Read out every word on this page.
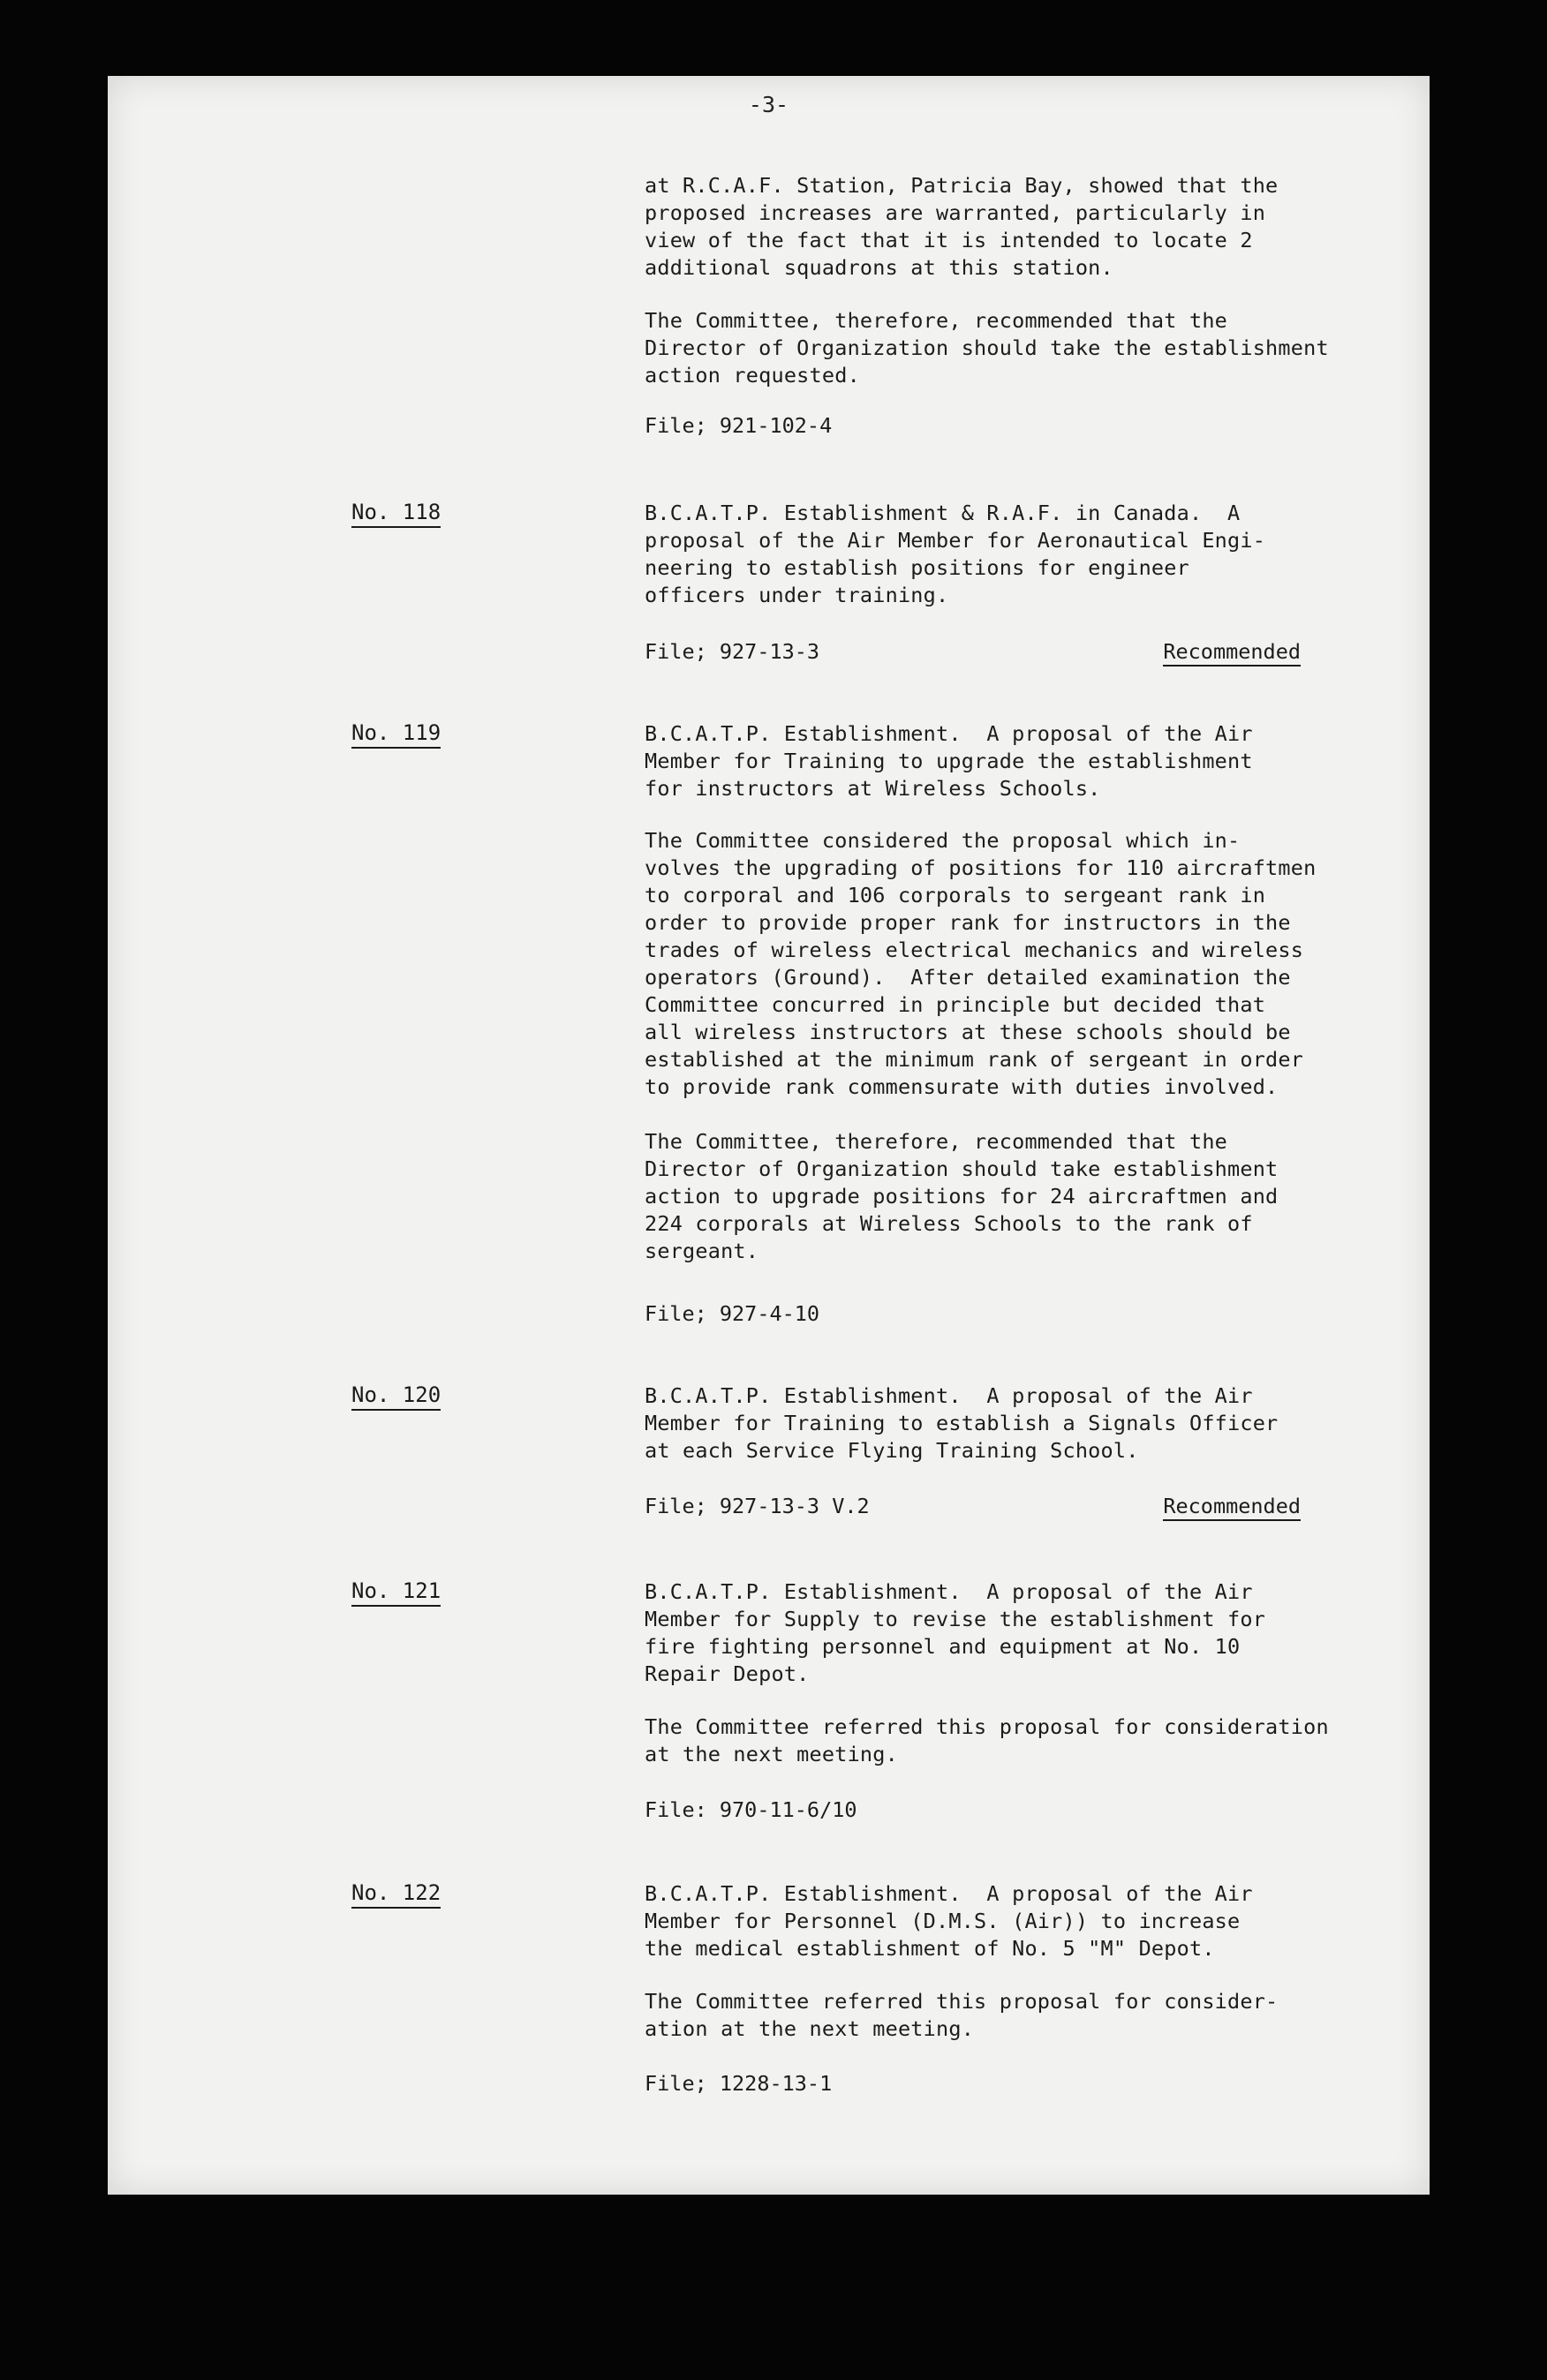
-3-

at R.C.A.F. Station, Patricia Bay, showed that the
proposed increases are warranted, particularly in
view of the fact that it is intended to locate 2
additional squadrons at this station.

The Committee, therefore, recommended that the
Director of Organization should take the establishment action requested.

File; 921-102-4
No. 118	B.C.A.T.P. Establishment & R.A.F. in Canada.  A
proposal of the Air Member for Aeronautical Engi-
neering to establish positions for engineer
officers under training.

File; 927-13-3	Recommended
No. 119	B.C.A.T.P. Establishment.  A proposal of the Air
Member for Training to upgrade the establishment
for instructors at Wireless Schools.

The Committee considered the proposal which in-
volves the upgrading of positions for 110 aircraftmen
to corporal and 106 corporals to sergeant rank in
order to provide proper rank for instructors in the
trades of wireless electrical mechanics and wireless
operators (Ground).  After detailed examination the
Committee concurred in principle but decided that
all wireless instructors at these schools should be
established at the minimum rank of sergeant in order
to provide rank commensurate with duties involved.

The Committee, therefore, recommended that the
Director of Organization should take establishment
action to upgrade positions for 24 aircraftmen and
224 corporals at Wireless Schools to the rank of
sergeant.

File; 927-4-10
No. 120	B.C.A.T.P. Establishment.  A proposal of the Air
Member for Training to establish a Signals Officer
at each Service Flying Training School.

File; 927-13-3 V.2	Recommended
No. 121	B.C.A.T.P. Establishment.  A proposal of the Air
Member for Supply to revise the establishment for
fire fighting personnel and equipment at No. 10
Repair Depot.

The Committee referred this proposal for consideration
at the next meeting.

File: 970-11-6/10
No. 122	B.C.A.T.P. Establishment.  A proposal of the Air
Member for Personnel (D.M.S. (Air)) to increase
the medical establishment of No. 5 "M" Depot.

The Committee referred this proposal for consider-
ation at the next meeting.

File; 1228-13-1
